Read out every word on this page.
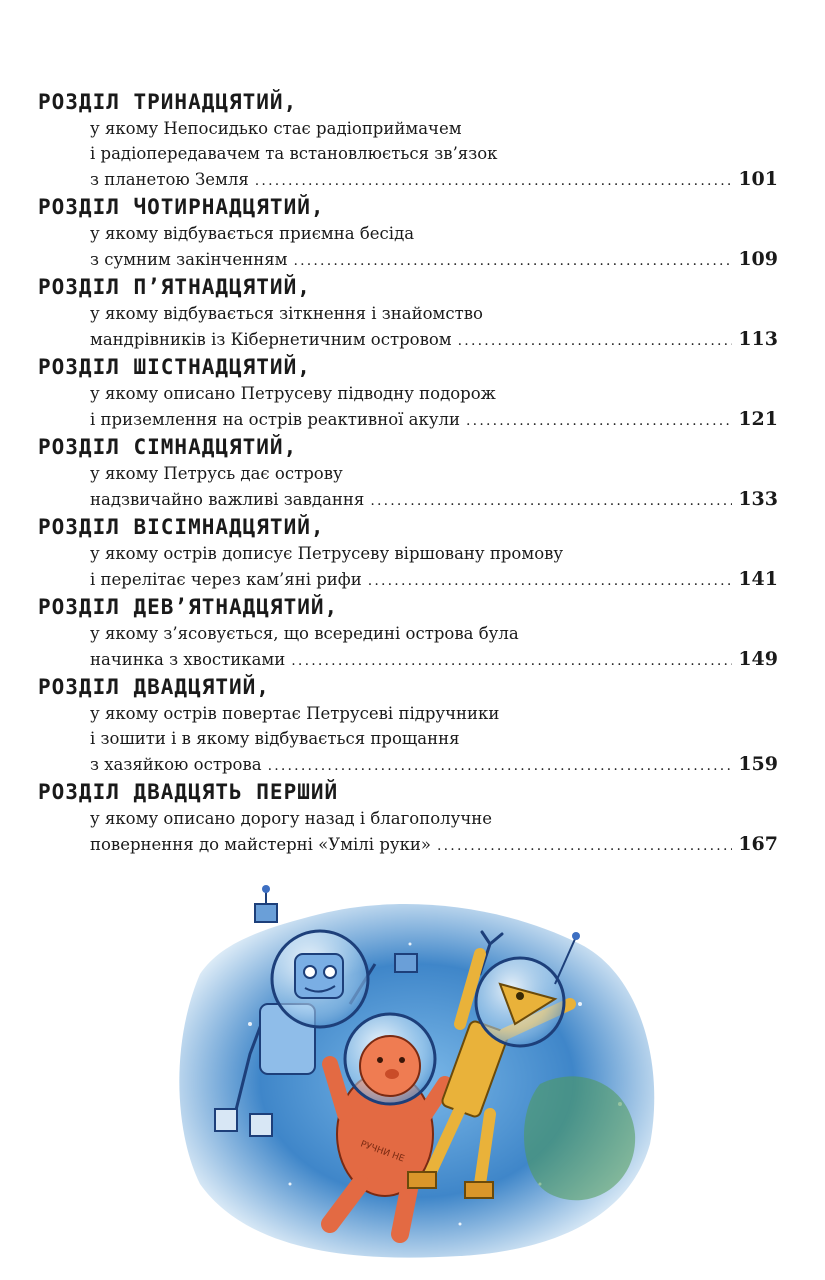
РОЗДІЛ ТРИНАДЦЯТИЙ,
у якому Непосидько стає радіоприймачем
і радіопередавачем та встановлюється зв’язок
з планетою Земля .....	101
РОЗДІЛ ЧОТИРНАДЦЯТИЙ,
у якому відбувається приємна бесіда
з сумним закінченням .....	109
РОЗДІЛ П’ЯТНАДЦЯТИЙ,
у якому відбувається зіткнення і знайомство
мандрівників із Кібернетичним островом .....	113
РОЗДІЛ ШІСТНАДЦЯТИЙ,
у якому описано Петрусеву підводну подорож
і приземлення на острів реактивної акули .....	121
РОЗДІЛ СІМНАДЦЯТИЙ,
у якому Петрусь дає острову
надзвичайно важливі завдання .....	133
РОЗДІЛ ВІСІМНАДЦЯТИЙ,
у якому острів дописує Петрусеву віршовану промову
і перелітає через кам’яні рифи .....	141
РОЗДІЛ ДЕВ’ЯТНАДЦЯТИЙ,
у якому з’ясовується, що всередині острова була
начинка з хвостиками .....	149
РОЗДІЛ ДВАДЦЯТИЙ,
у якому острів повертає Петрусеві підручники
і зошити і в якому відбувається прощання
з хазяйкою острова .....	159
РОЗДІЛ ДВАДЦЯТЬ ПЕРШИЙ
у якому описано дорогу назад і благополучне
повернення до майстерні «Умілі руки» .....	167
РУЧНИ НЕ
